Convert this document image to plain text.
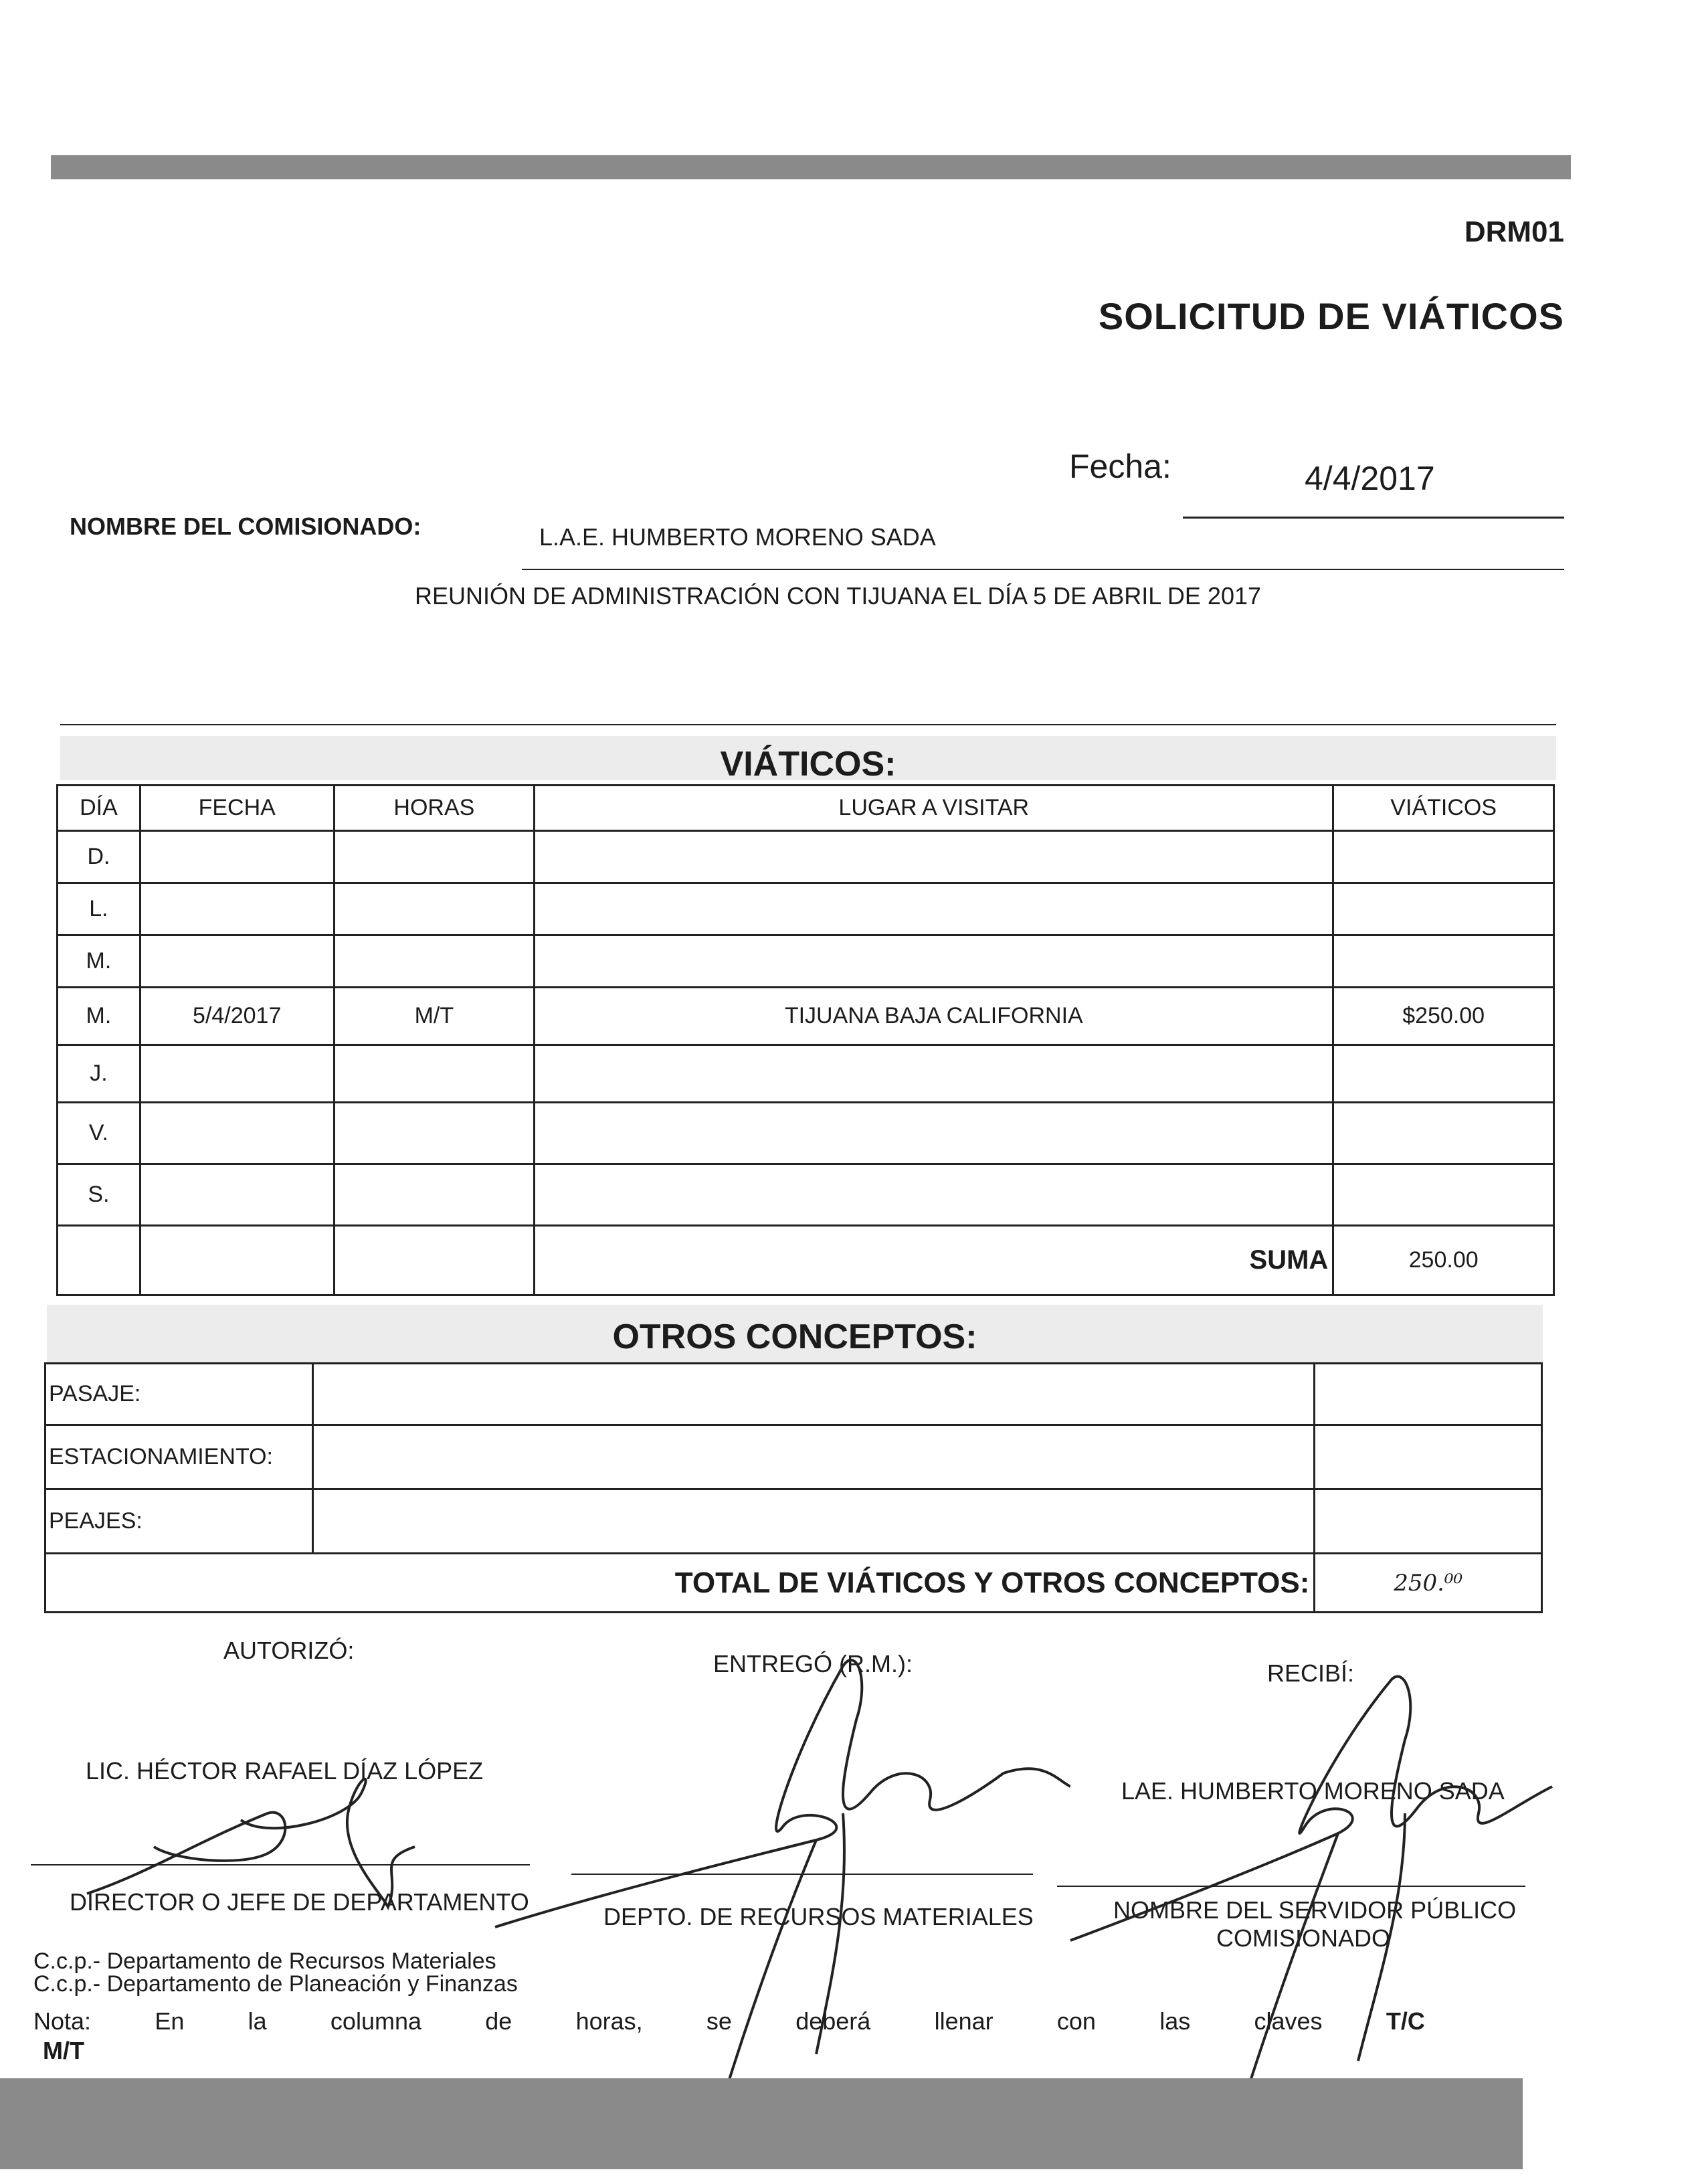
DRM01
SOLICITUD DE VIÁTICOS
Fecha:	4/4/2017
NOMBRE DEL COMISIONADO:	L.A.E. HUMBERTO MORENO SADA
REUNIÓN DE ADMINISTRACIÓN CON TIJUANA EL DÍA 5 DE ABRIL DE 2017
VIÁTICOS:
DÍA	FECHA	HORAS	LUGAR A VISITAR	VIÁTICOS
D.				
L.				
M.				
M.	5/4/2017	M/T	TIJUANA BAJA CALIFORNIA	$250.00
J.				
V.				
S.				
			SUMA	250.00
OTROS CONCEPTOS:
PASAJE:		
ESTACIONAMIENTO:		
PEAJES:		
TOTAL DE VIÁTICOS Y OTROS CONCEPTOS:		250.⁰⁰
AUTORIZÓ:	ENTREGÓ (R.M.):	RECIBÍ:
LIC. HÉCTOR RAFAEL DÍAZ LÓPEZ
LAE. HUMBERTO MORENO SADA
DIRECTOR O JEFE DE DEPARTAMENTO
DEPTO. DE RECURSOS MATERIALES	NOMBRE DEL SERVIDOR PÚBLICO
COMISIONADO
C.c.p.- Departamento de Recursos Materiales
C.c.p.- Departamento de Planeación y Finanzas
Nota:	En	la	columna	de	horas,	se	deberá	llenar	con	las	claves	T/C
M/T
